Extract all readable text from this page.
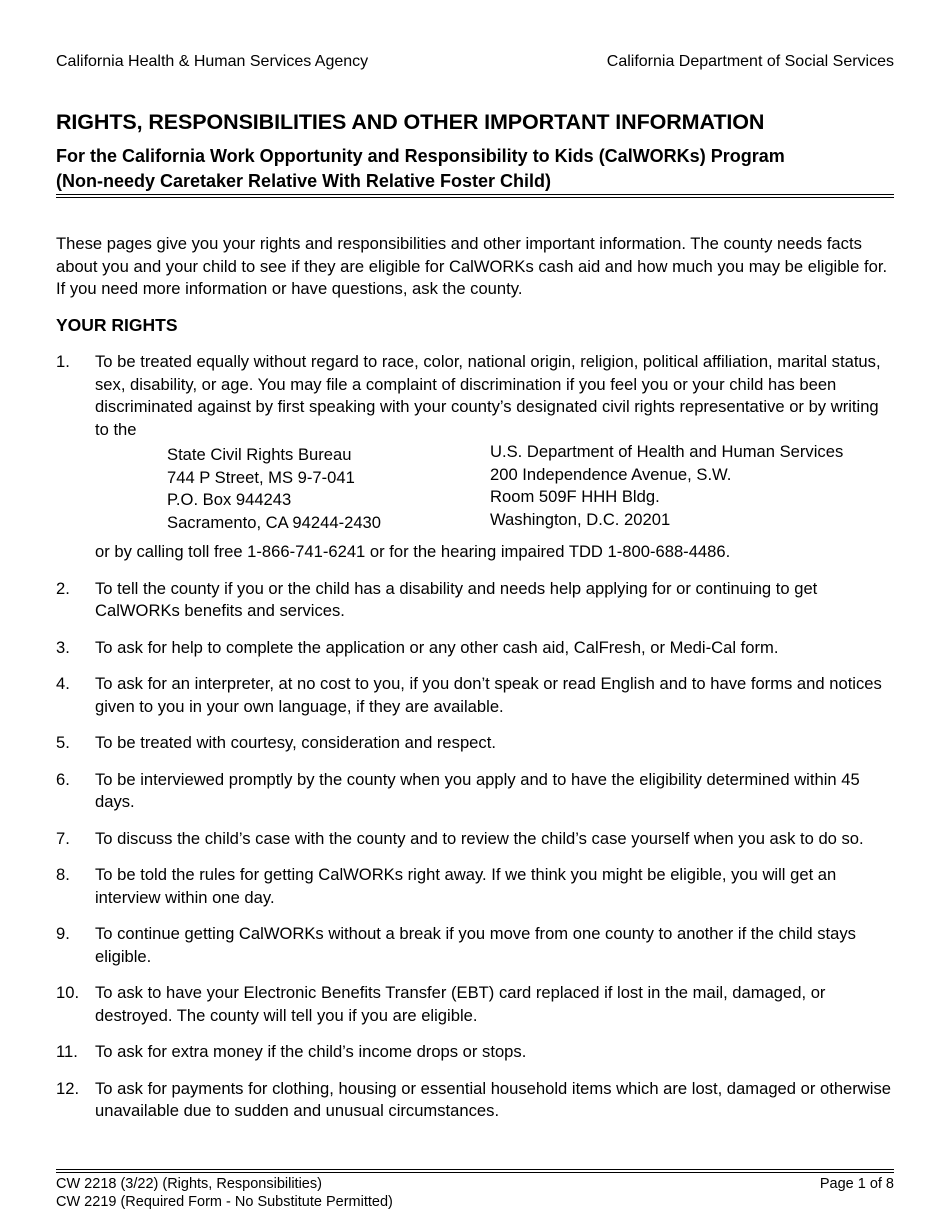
California Health & Human Services Agency	California Department of Social Services
RIGHTS, RESPONSIBILITIES AND OTHER IMPORTANT INFORMATION
For the California Work Opportunity and Responsibility to Kids (CalWORKs) Program
(Non-needy Caretaker Relative With Relative Foster Child)

These pages give you your rights and responsibilities and other important information. The county needs facts about you and your child to see if they are eligible for CalWORKs cash aid and how much you may be eligible for. If you need more information or have questions, ask the county.

YOUR RIGHTS
1.	To be treated equally without regard to race, color, national origin, religion, political affiliation, marital status, sex, disability, or age. You may file a complaint of discrimination if you feel you or your child has been discriminated against by first speaking with your county’s designated civil rights representative or by writing to the
State Civil Rights Bureau
744 P Street, MS 9-7-041
P.O. Box 944243
Sacramento, CA 94244-2430
U.S. Department of Health and Human Services
200 Independence Avenue, S.W.
Room 509F HHH Bldg.
Washington, D.C. 20201
or by calling toll free 1-866-741-6241 or for the hearing impaired TDD 1-800-688-4486.
2.	To tell the county if you or the child has a disability and needs help applying for or continuing to get CalWORKs benefits and services.
3.	To ask for help to complete the application or any other cash aid, CalFresh, or Medi-Cal form.
4.	To ask for an interpreter, at no cost to you, if you don’t speak or read English and to have forms and notices given to you in your own language, if they are available.
5.	To be treated with courtesy, consideration and respect.
6.	To be interviewed promptly by the county when you apply and to have the eligibility determined within 45 days.
7.	To discuss the child’s case with the county and to review the child’s case yourself when you ask to do so.
8.	To be told the rules for getting CalWORKs right away. If we think you might be eligible, you will get an interview within one day.
9.	To continue getting CalWORKs without a break if you move from one county to another if the child stays eligible.
10. To ask to have your Electronic Benefits Transfer (EBT) card replaced if lost in the mail, damaged, or destroyed. The county will tell you if you are eligible.
11.	To ask for extra money if the child’s income drops or stops.
12. To ask for payments for clothing, housing or essential household items which are lost, damaged or otherwise unavailable due to sudden and unusual circumstances.
CW 2218 (3/22) (Rights, Responsibilities)	Page 1 of 8
CW 2219 (Required Form - No Substitute Permitted)
